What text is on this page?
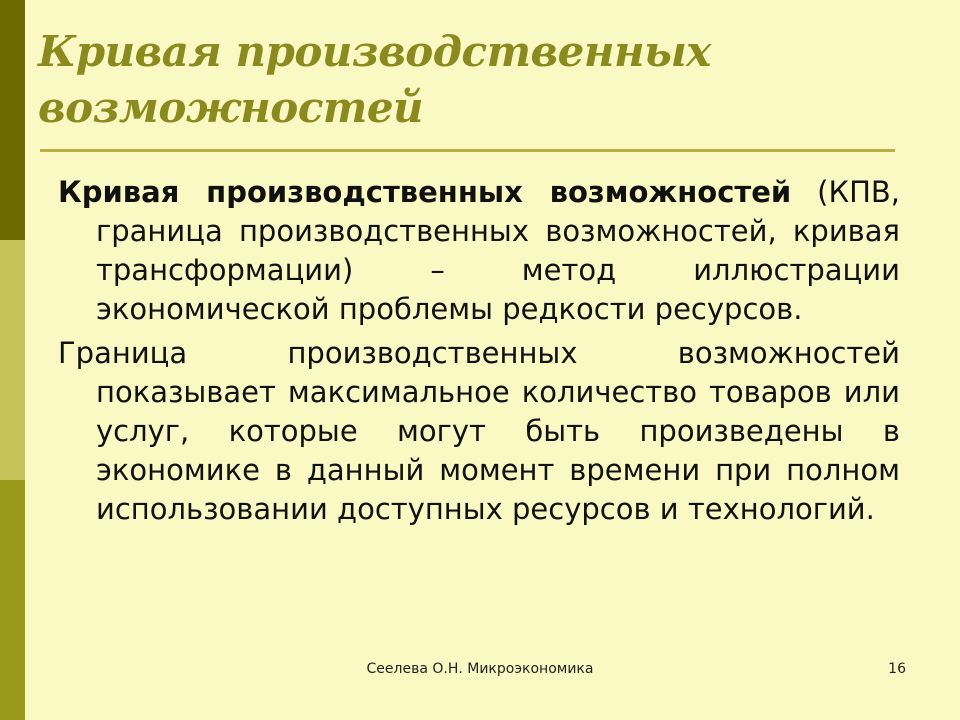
Кривая производственных возможностей

Кривая производственных возможностей (КПВ, граница производственных возможностей, кривая трансформации) – метод иллюстрации экономической проблемы редкости ресурсов.

Граница производственных возможностей показывает максимальное количество товаров или услуг, которые могут быть произведены в экономике в данный момент времени при полном использовании доступных ресурсов и технологий.

Сеелева О.Н. Микроэкономика	16
